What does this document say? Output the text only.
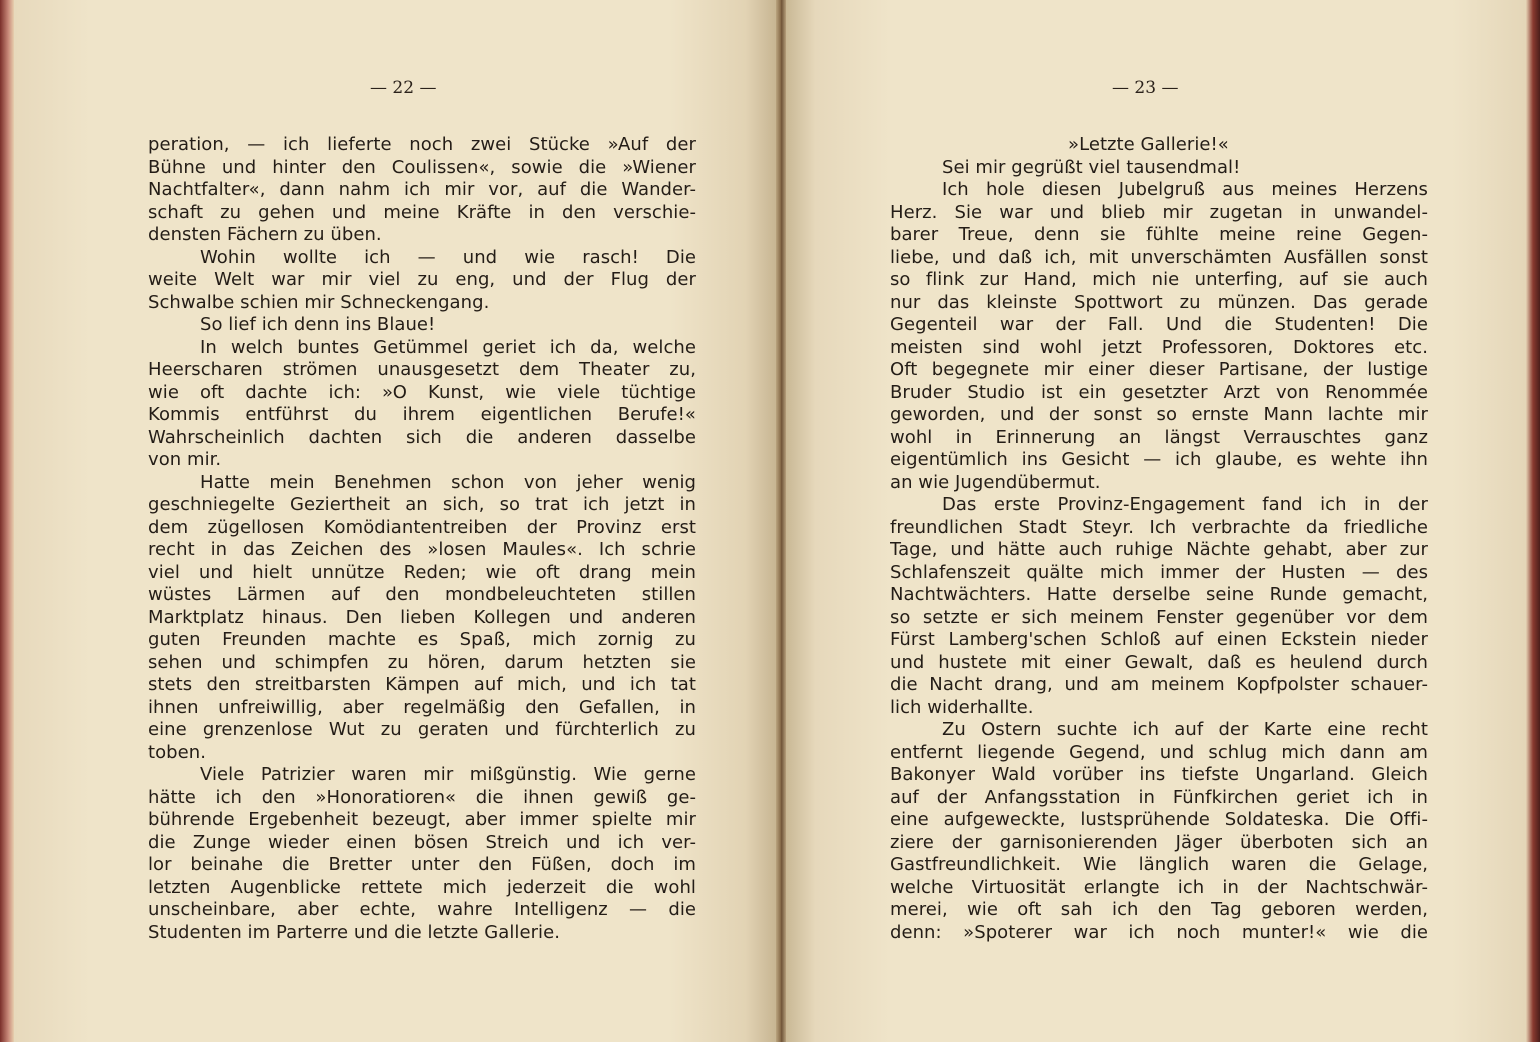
— 22 —
peration, — ich lieferte noch zwei Stücke »Auf der
Bühne und hinter den Coulissen«, sowie die »Wiener
Nachtfalter«, dann nahm ich mir vor, auf die Wander-
schaft zu gehen und meine Kräfte in den verschie-
densten Fächern zu üben.
Wohin wollte ich — und wie rasch! Die
weite Welt war mir viel zu eng, und der Flug der
Schwalbe schien mir Schneckengang.
So lief ich denn ins Blaue!
In welch buntes Getümmel geriet ich da, welche
Heerscharen strömen unausgesetzt dem Theater zu,
wie oft dachte ich: »O Kunst, wie viele tüchtige
Kommis entführst du ihrem eigentlichen Berufe!«
Wahrscheinlich dachten sich die anderen dasselbe
von mir.
Hatte mein Benehmen schon von jeher wenig
geschniegelte Geziertheit an sich, so trat ich jetzt in
dem zügellosen Komödiantentreiben der Provinz erst
recht in das Zeichen des »losen Maules«. Ich schrie
viel und hielt unnütze Reden; wie oft drang mein
wüstes Lärmen auf den mondbeleuchteten stillen
Marktplatz hinaus. Den lieben Kollegen und anderen
guten Freunden machte es Spaß, mich zornig zu
sehen und schimpfen zu hören, darum hetzten sie
stets den streitbarsten Kämpen auf mich, und ich tat
ihnen unfreiwillig, aber regelmäßig den Gefallen, in
eine grenzenlose Wut zu geraten und fürchterlich zu
toben.
Viele Patrizier waren mir mißgünstig. Wie gerne
hätte ich den »Honoratioren« die ihnen gewiß ge-
bührende Ergebenheit bezeugt, aber immer spielte mir
die Zunge wieder einen bösen Streich und ich ver-
lor beinahe die Bretter unter den Füßen, doch im
letzten Augenblicke rettete mich jederzeit die wohl
unscheinbare, aber echte, wahre Intelligenz — die
Studenten im Parterre und die letzte Gallerie.
— 23 —
»Letzte Gallerie!«
Sei mir gegrüßt viel tausendmal!
Ich hole diesen Jubelgruß aus meines Herzens
Herz. Sie war und blieb mir zugetan in unwandel-
barer Treue, denn sie fühlte meine reine Gegen-
liebe, und daß ich, mit unverschämten Ausfällen sonst
so flink zur Hand, mich nie unterfing, auf sie auch
nur das kleinste Spottwort zu münzen. Das gerade
Gegenteil war der Fall. Und die Studenten! Die
meisten sind wohl jetzt Professoren, Doktores etc.
Oft begegnete mir einer dieser Partisane, der lustige
Bruder Studio ist ein gesetzter Arzt von Renommée
geworden, und der sonst so ernste Mann lachte mir
wohl in Erinnerung an längst Verrauschtes ganz
eigentümlich ins Gesicht — ich glaube, es wehte ihn
an wie Jugendübermut.
Das erste Provinz-Engagement fand ich in der
freundlichen Stadt Steyr. Ich verbrachte da friedliche
Tage, und hätte auch ruhige Nächte gehabt, aber zur
Schlafenszeit quälte mich immer der Husten — des
Nachtwächters. Hatte derselbe seine Runde gemacht,
so setzte er sich meinem Fenster gegenüber vor dem
Fürst Lamberg'schen Schloß auf einen Eckstein nieder
und hustete mit einer Gewalt, daß es heulend durch
die Nacht drang, und am meinem Kopfpolster schauer-
lich widerhallte.
Zu Ostern suchte ich auf der Karte eine recht
entfernt liegende Gegend, und schlug mich dann am
Bakonyer Wald vorüber ins tiefste Ungarland. Gleich
auf der Anfangsstation in Fünfkirchen geriet ich in
eine aufgeweckte, lustsprühende Soldateska. Die Offi-
ziere der garnisonierenden Jäger überboten sich an
Gastfreundlichkeit. Wie länglich waren die Gelage,
welche Virtuosität erlangte ich in der Nachtschwär-
merei, wie oft sah ich den Tag geboren werden,
denn: »Spoterer war ich noch munter!« wie die
